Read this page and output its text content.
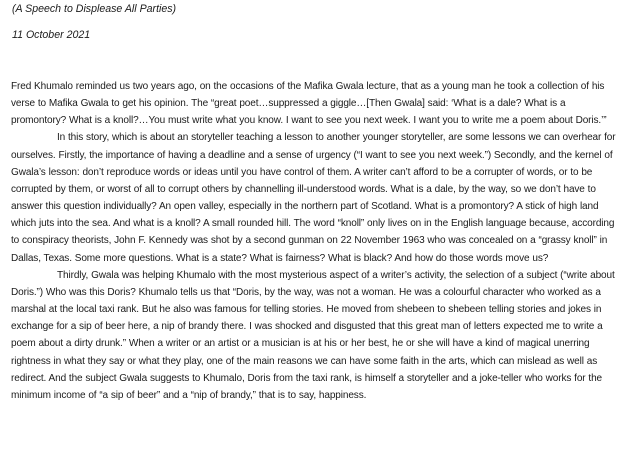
(A Speech to Displease All Parties)
11 October 2021

Fred Khumalo reminded us two years ago, on the occasions of the Mafika Gwala lecture, that as a young man he took a collection of his verse to Mafika Gwala to get his opinion. The “great poet…suppressed a giggle…[Then Gwala] said: ‘What is a dale? What is a promontory? What is a knoll?…You must write what you know. I want to see you next week. I want you to write me a poem about Doris.’”

In this story, which is about an storyteller teaching a lesson to another younger storyteller, are some lessons we can overhear for ourselves. Firstly, the importance of having a deadline and a sense of urgency (“I want to see you next week.”) Secondly, and the kernel of Gwala’s lesson: don’t reproduce words or ideas until you have control of them. A writer can’t afford to be a corrupter of words, or to be corrupted by them, or worst of all to corrupt others by channelling ill-understood words. What is a dale, by the way, so we don’t have to answer this question individually? An open valley, especially in the northern part of Scotland. What is a promontory? A stick of high land which juts into the sea. And what is a knoll? A small rounded hill. The word “knoll” only lives on in the English language because, according to conspiracy theorists, John F. Kennedy was shot by a second gunman on 22 November 1963 who was concealed on a “grassy knoll” in Dallas, Texas. Some more questions. What is a state? What is fairness? What is black? And how do those words move us?

Thirdly, Gwala was helping Khumalo with the most mysterious aspect of a writer’s activity, the selection of a subject (“write about Doris.”) Who was this Doris? Khumalo tells us that “Doris, by the way, was not a woman. He was a colourful character who worked as a marshal at the local taxi rank. But he also was famous for telling stories. He moved from shebeen to shebeen telling stories and jokes in exchange for a sip of beer here, a nip of brandy there. I was shocked and disgusted that this great man of letters expected me to write a poem about a dirty drunk.” When a writer or an artist or a musician is at his or her best, he or she will have a kind of magical unerring rightness in what they say or what they play, one of the main reasons we can have some faith in the arts, which can mislead as well as redirect. And the subject Gwala suggests to Khumalo, Doris from the taxi rank, is himself a storyteller and a joke-teller who works for the minimum income of “a sip of beer” and a “nip of brandy,” that is to say, happiness.
